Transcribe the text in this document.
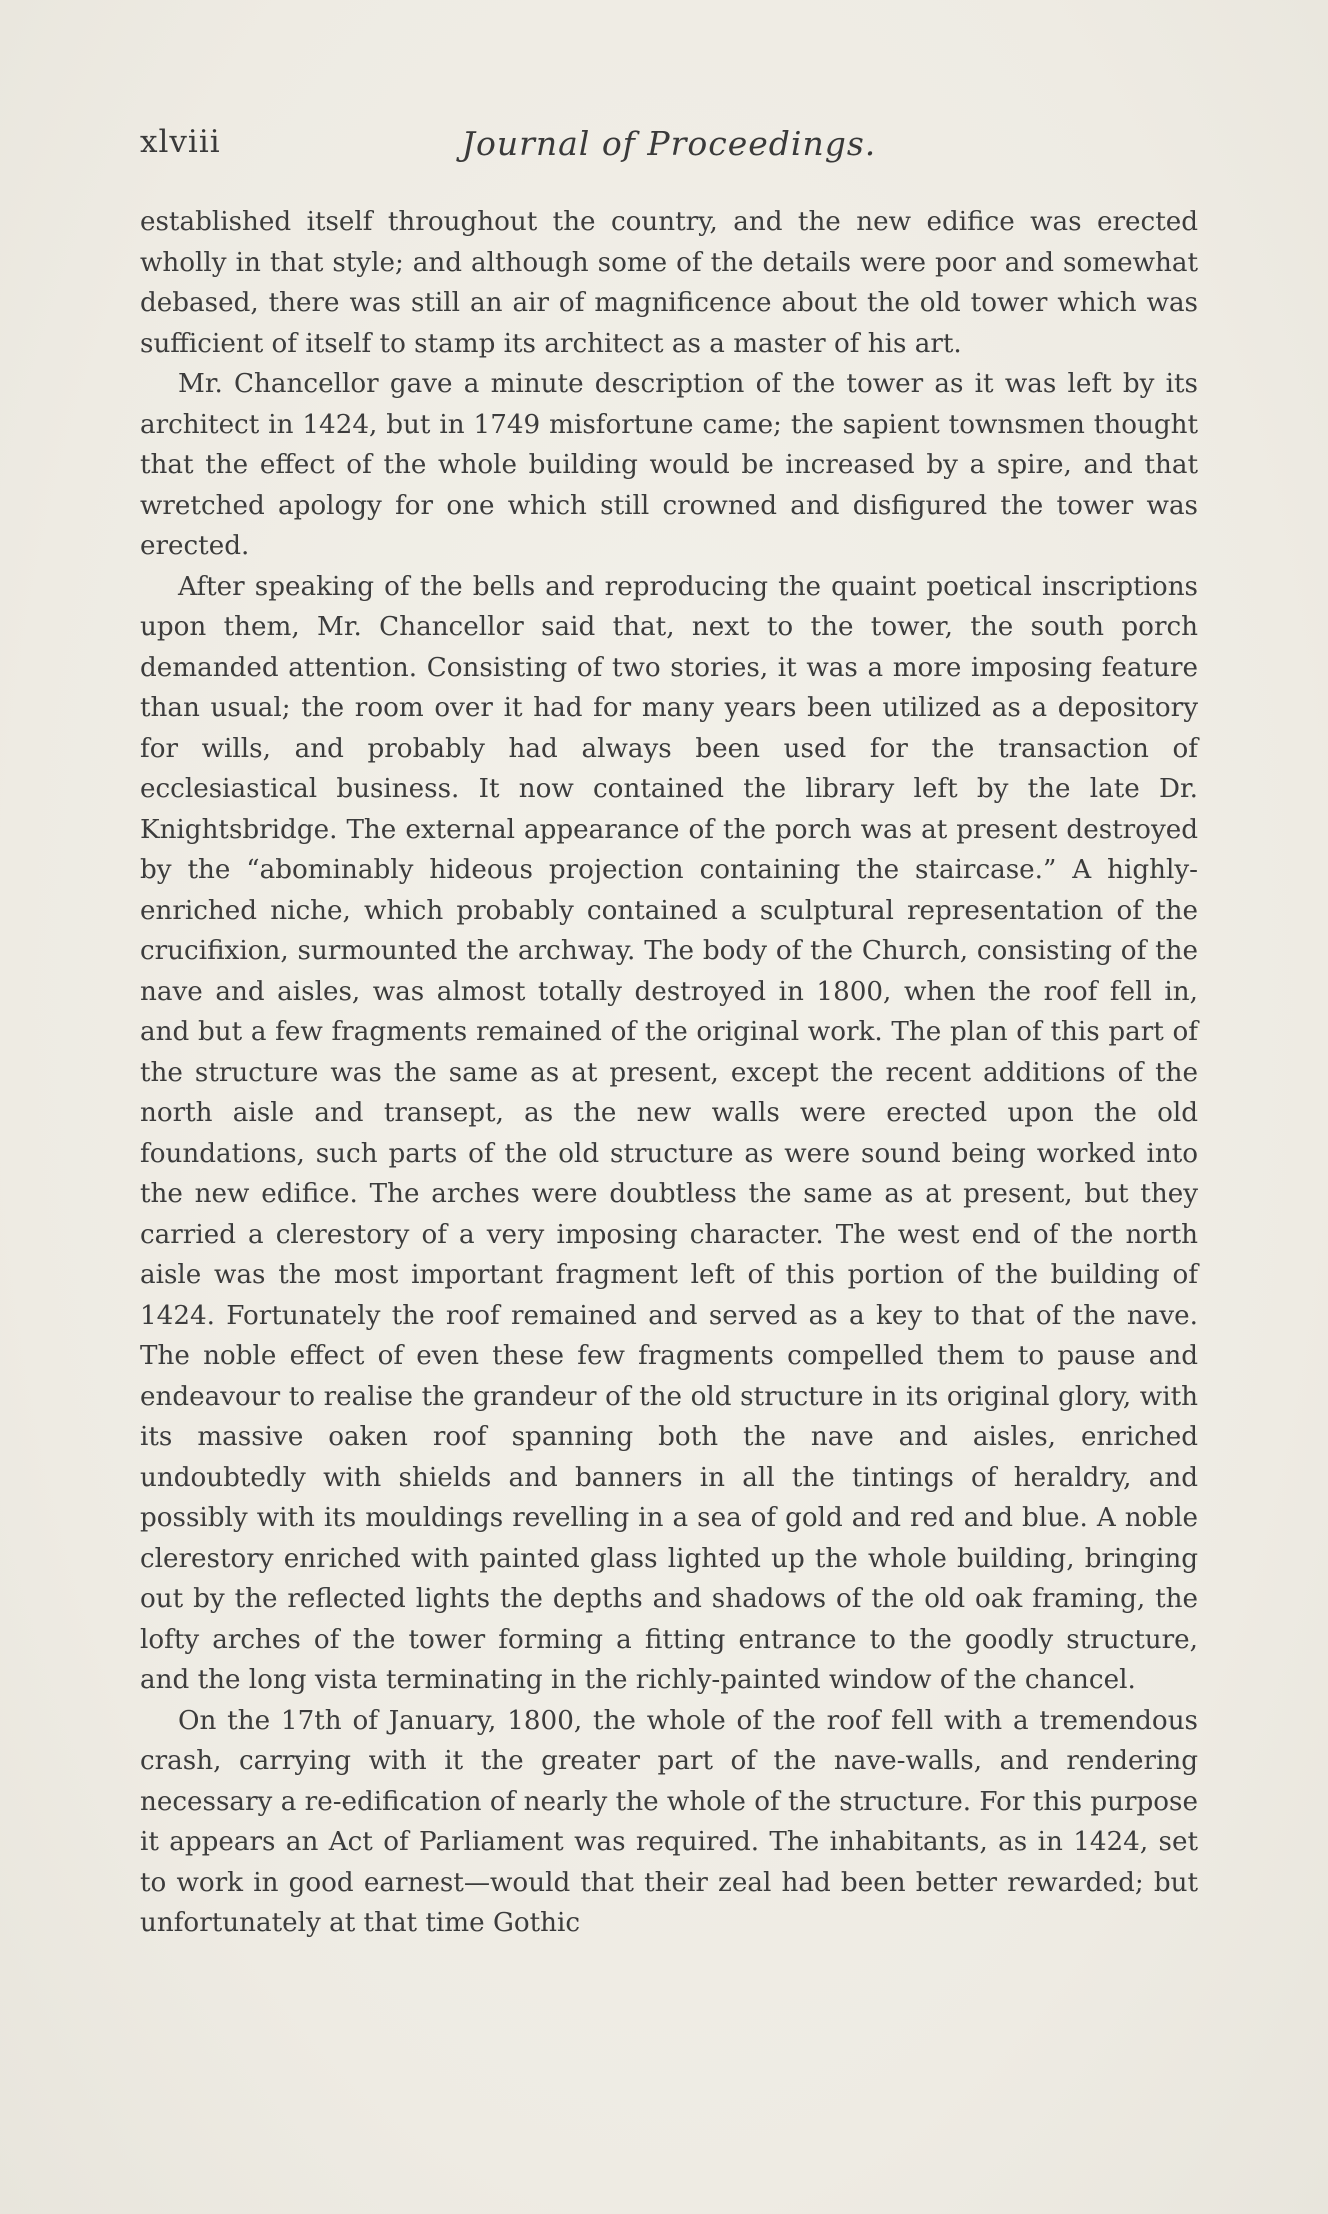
xlviii	Journal of Proceedings.

established itself throughout the country, and the new edifice was erected wholly in that style; and although some of the details were poor and somewhat debased, there was still an air of magnificence about the old tower which was sufficient of itself to stamp its architect as a master of his art.

Mr. Chancellor gave a minute description of the tower as it was left by its architect in 1424, but in 1749 misfortune came; the sapient townsmen thought that the effect of the whole building would be increased by a spire, and that wretched apology for one which still crowned and disfigured the tower was erected.

After speaking of the bells and reproducing the quaint poetical inscriptions upon them, Mr. Chancellor said that, next to the tower, the south porch demanded attention. Consisting of two stories, it was a more imposing feature than usual; the room over it had for many years been utilized as a depository for wills, and probably had always been used for the transaction of ecclesiastical business. It now contained the library left by the late Dr. Knightsbridge. The external appearance of the porch was at present destroyed by the “abominably hideous projection containing the staircase.” A highly-enriched niche, which probably contained a sculptural representation of the crucifixion, surmounted the archway. The body of the Church, consisting of the nave and aisles, was almost totally destroyed in 1800, when the roof fell in, and but a few fragments remained of the original work. The plan of this part of the structure was the same as at present, except the recent additions of the north aisle and transept, as the new walls were erected upon the old foundations, such parts of the old structure as were sound being worked into the new edifice. The arches were doubtless the same as at present, but they carried a clerestory of a very imposing character. The west end of the north aisle was the most important fragment left of this portion of the building of 1424. Fortunately the roof remained and served as a key to that of the nave. The noble effect of even these few fragments compelled them to pause and endeavour to realise the grandeur of the old structure in its original glory, with its massive oaken roof spanning both the nave and aisles, enriched undoubtedly with shields and banners in all the tintings of heraldry, and possibly with its mouldings revelling in a sea of gold and red and blue. A noble clerestory enriched with painted glass lighted up the whole building, bringing out by the reflected lights the depths and shadows of the old oak framing, the lofty arches of the tower forming a fitting entrance to the goodly structure, and the long vista terminating in the richly-painted window of the chancel.

On the 17th of January, 1800, the whole of the roof fell with a tremendous crash, carrying with it the greater part of the nave-walls, and rendering necessary a re-edification of nearly the whole of the structure. For this purpose it appears an Act of Parliament was required. The inhabitants, as in 1424, set to work in good earnest—would that their zeal had been better rewarded; but unfortunately at that time Gothic
